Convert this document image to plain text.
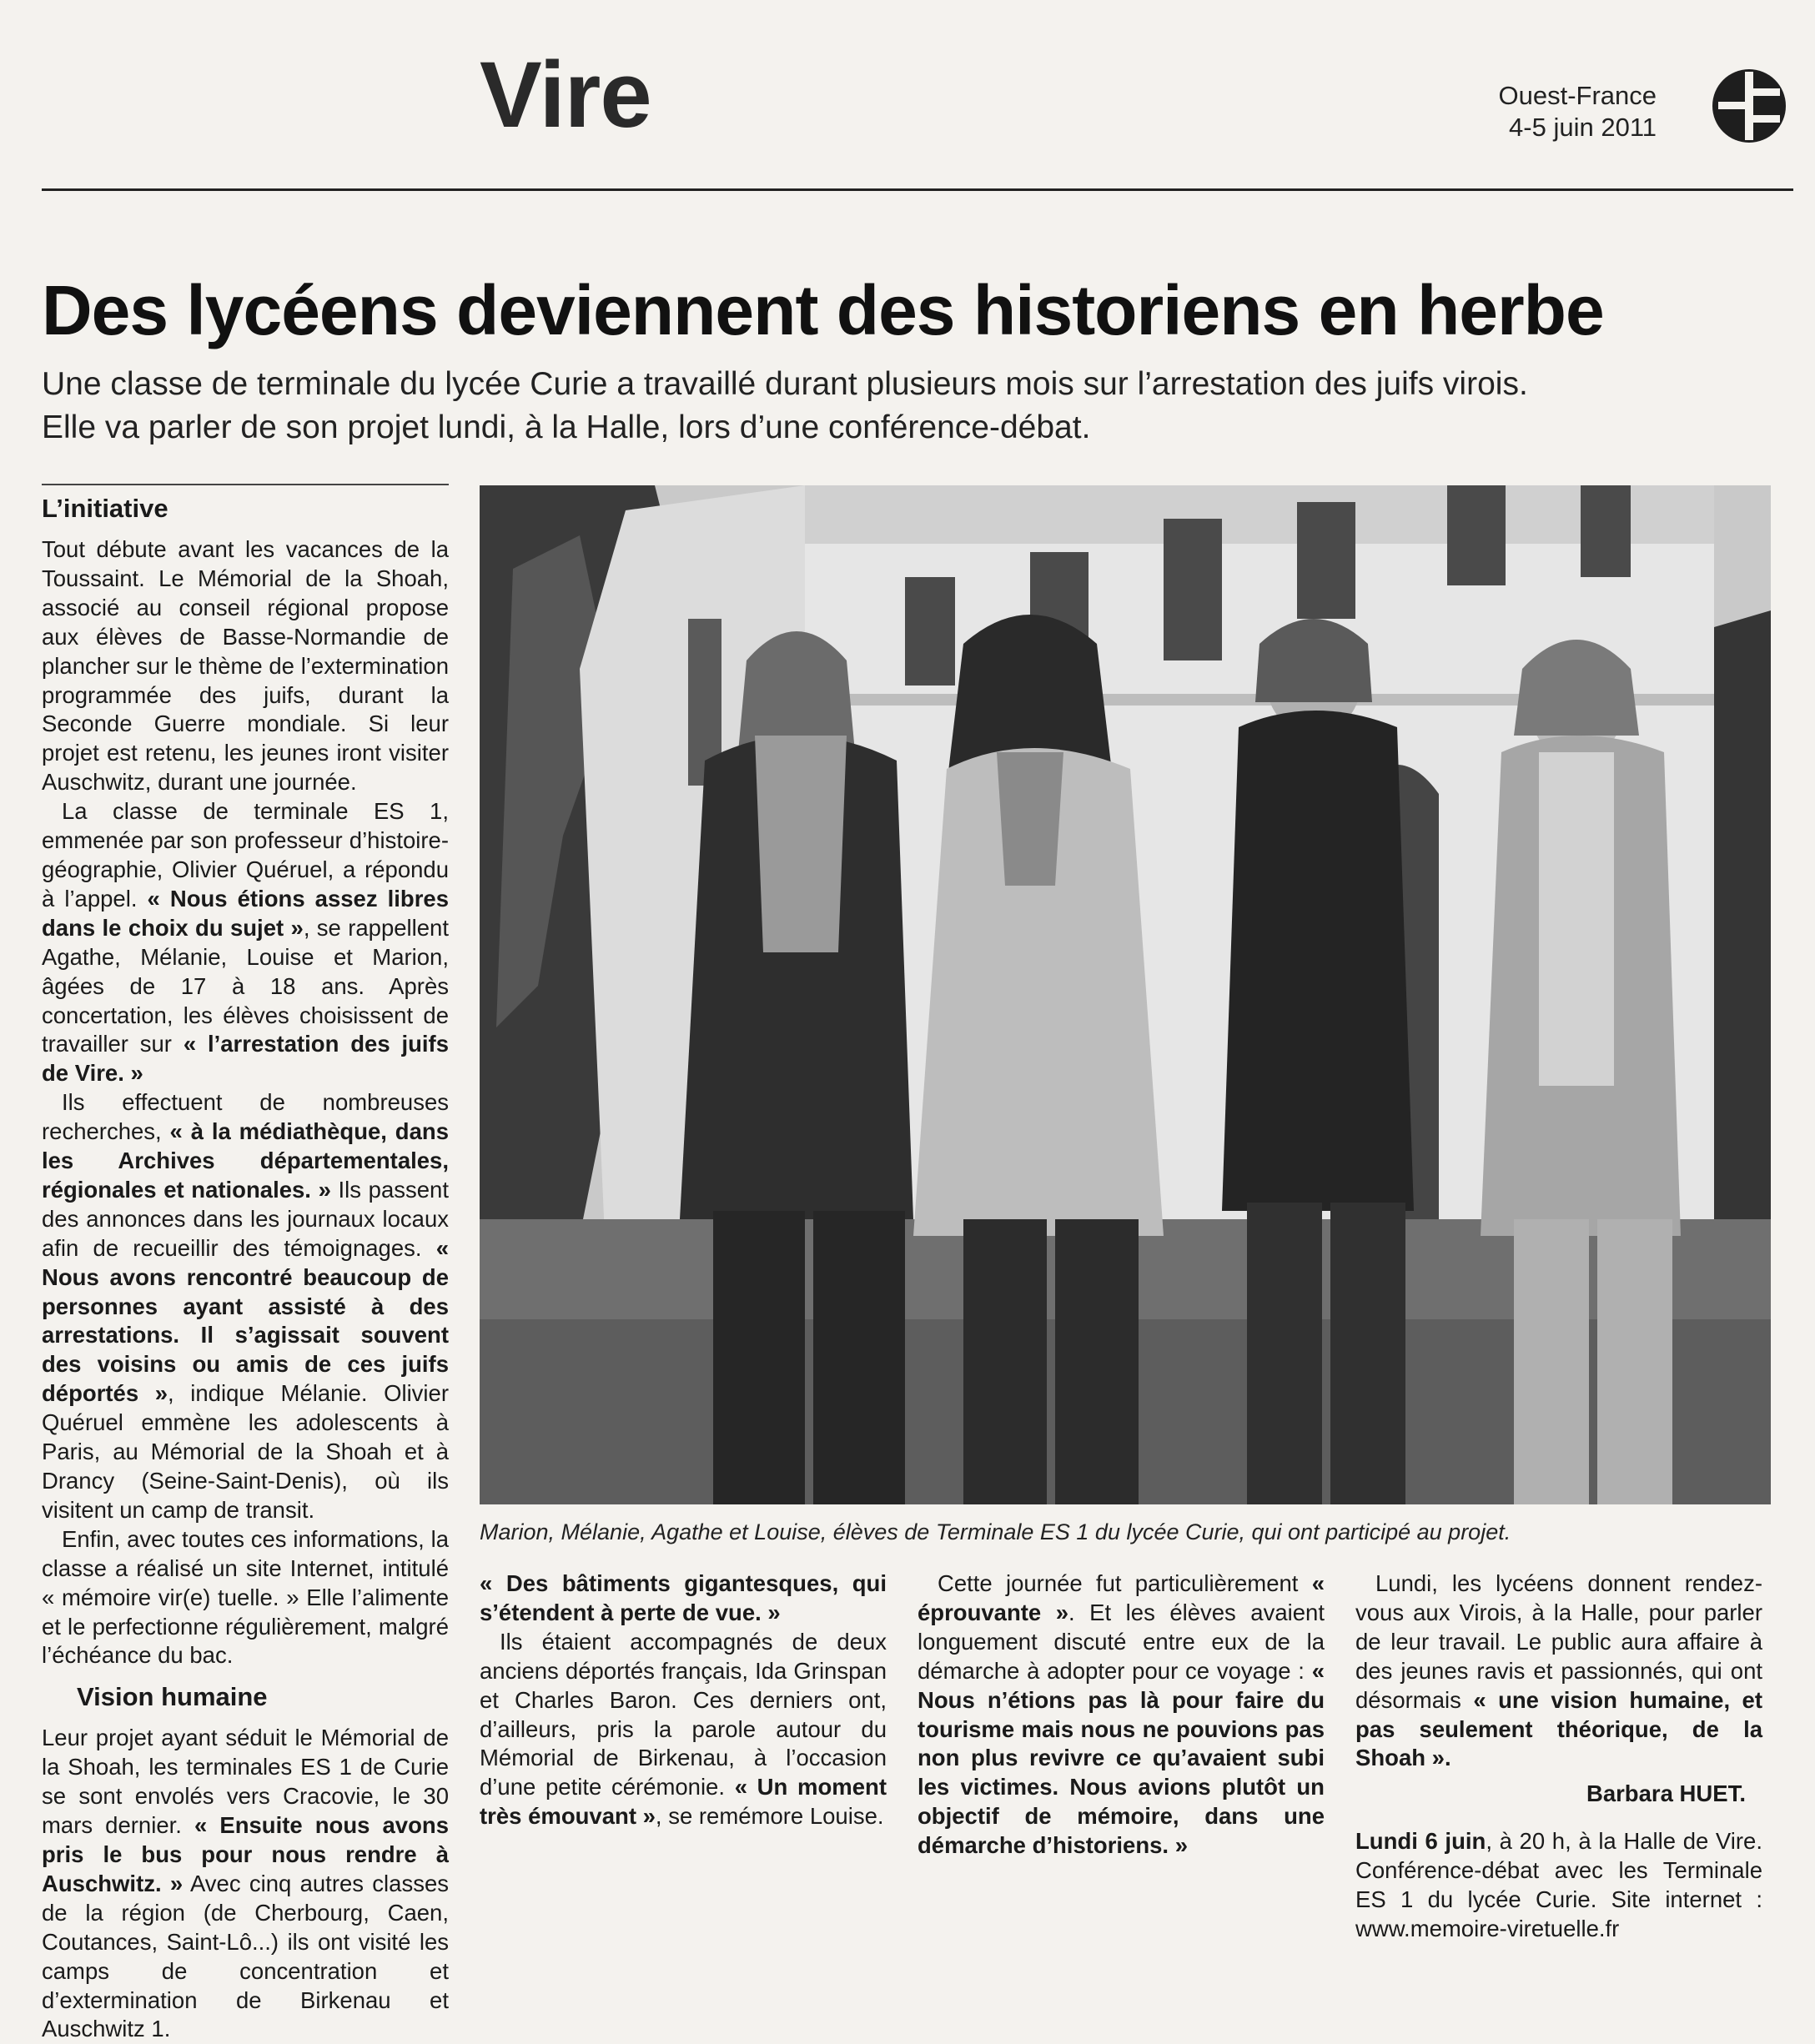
Vire	Ouest-France
4-5 juin 2011
Des lycéens deviennent des historiens en herbe
Une classe de terminale du lycée Curie a travaillé durant plusieurs mois sur l’arrestation des juifs virois.
Elle va parler de son projet lundi, à la Halle, lors d’une conférence-débat.
L’initiative

Tout débute avant les vacances de la Toussaint. Le Mémorial de la Shoah, associé au conseil régional propose aux élèves de Basse-Normandie de plancher sur le thème de l’extermination programmée des juifs, durant la Seconde Guerre mondiale. Si leur projet est retenu, les jeunes iront visiter Auschwitz, durant une journée.

La classe de terminale ES 1, emmenée par son professeur d’histoire-géographie, Olivier Quéruel, a répondu à l’appel. « Nous étions assez libres dans le choix du sujet », se rappellent Agathe, Mélanie, Louise et Marion, âgées de 17 à 18 ans. Après concertation, les élèves choisissent de travailler sur « l’arrestation des juifs de Vire. »

Ils effectuent de nombreuses recherches, « à la médiathèque, dans les Archives départementales, régionales et nationales. » Ils passent des annonces dans les journaux locaux afin de recueillir des témoignages. « Nous avons rencontré beaucoup de personnes ayant assisté à des arrestations. Il s’agissait souvent des voisins ou amis de ces juifs déportés », indique Mélanie. Olivier Quéruel emmène les adolescents à Paris, au Mémorial de la Shoah et à Drancy (Seine-Saint-Denis), où ils visitent un camp de transit.

Enfin, avec toutes ces informations, la classe a réalisé un site Internet, intitulé « mémoire vir(e) tuelle. » Elle l’alimente et le perfectionne régulièrement, malgré l’échéance du bac.

Vision humaine

Leur projet ayant séduit le Mémorial de la Shoah, les terminales ES 1 de Curie se sont envolés vers Cracovie, le 30 mars dernier. « Ensuite nous avons pris le bus pour nous rendre à Auschwitz. » Avec cinq autres classes de la région (de Cherbourg, Caen, Coutances, Saint-Lô...) ils ont visité les camps de concentration et d’extermination de Birkenau et Auschwitz 1.

« Des bâtiments gigantesques, qui s’étendent à perte de vue. »

Ils étaient accompagnés de deux anciens déportés français, Ida Grinspan et Charles Baron. Ces derniers ont, d’ailleurs, pris la parole autour du Mémorial de Birkenau, à l’occasion d’une petite cérémonie. « Un moment très émouvant », se remémore Louise.

Cette journée fut particulièrement « éprouvante ». Et les élèves avaient longuement discuté entre eux de la démarche à adopter pour ce voyage : « Nous n’étions pas là pour faire du tourisme mais nous ne pouvions pas non plus revivre ce qu’avaient subi les victimes. Nous avions plutôt un objectif de mémoire, dans une démarche d’historiens. »

Lundi, les lycéens donnent rendez-vous aux Virois, à la Halle, pour parler de leur travail. Le public aura affaire à des jeunes ravis et passionnés, qui ont désormais « une vision humaine, et pas seulement théorique, de la Shoah ».

Barbara HUET.

Lundi 6 juin, à 20 h, à la Halle de Vire. Conférence-débat avec les Terminale ES 1 du lycée Curie. Site internet : www.memoire-viretuelle.fr

Marion, Mélanie, Agathe et Louise, élèves de Terminale ES 1 du lycée Curie, qui ont participé au projet.
